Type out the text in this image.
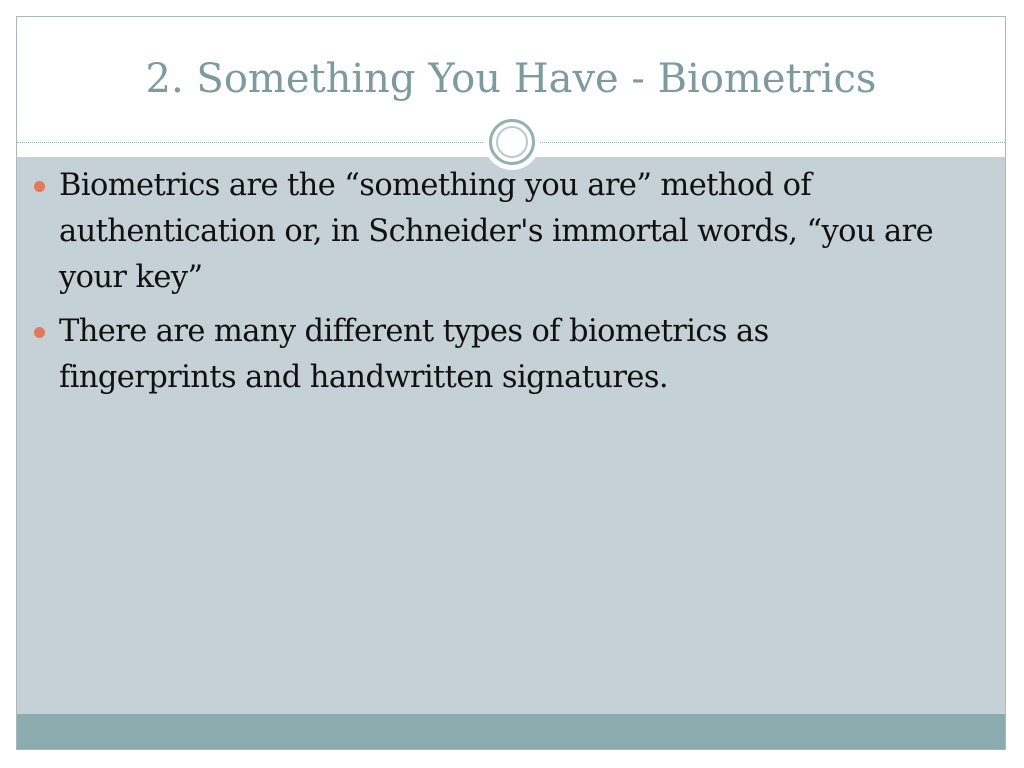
2. Something You Have - Biometrics
Biometrics are the “something you are” method of authentication or, in Schneider's immortal words, “you are your key”
There are many different types of biometrics as fingerprints and handwritten signatures.
